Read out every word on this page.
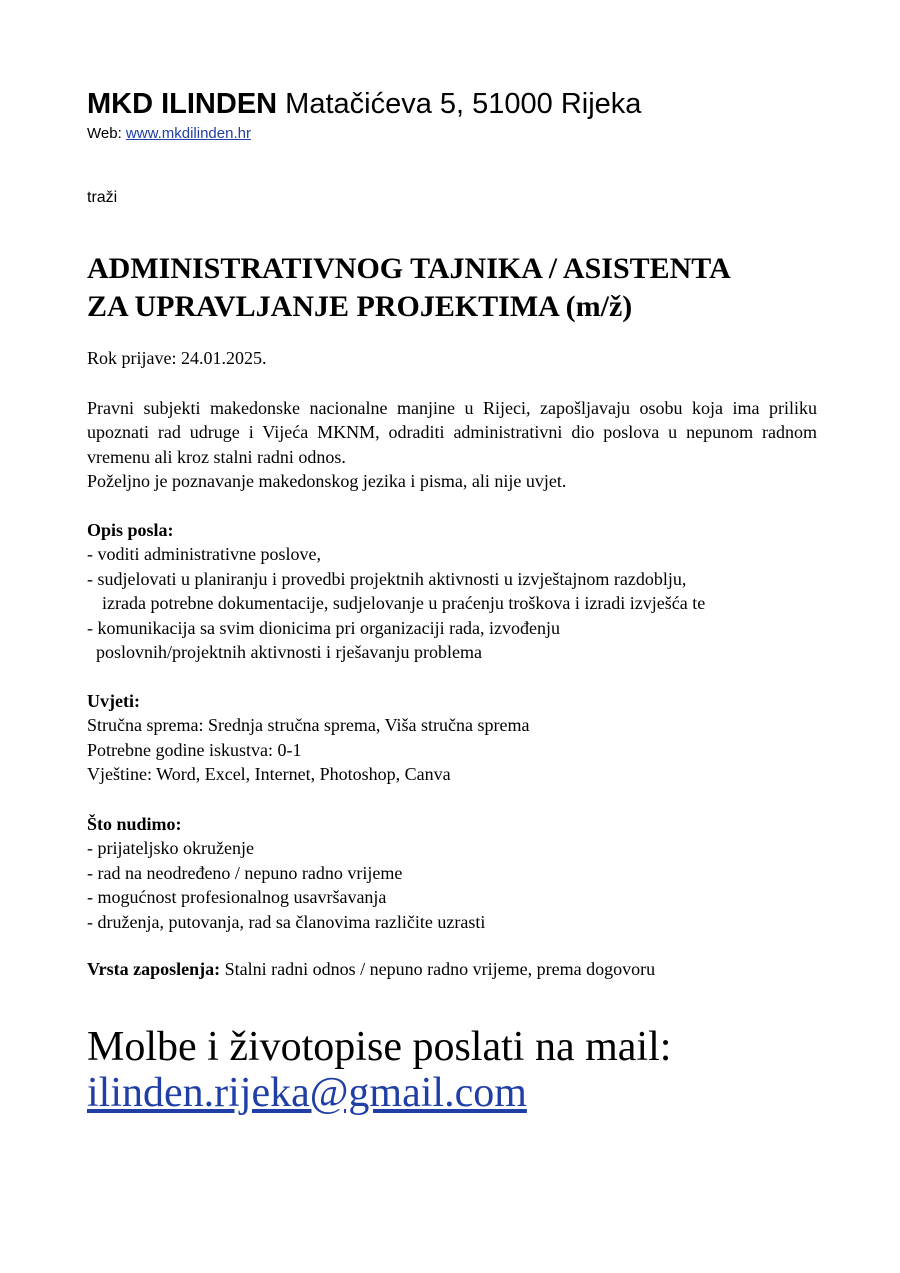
MKD ILINDEN Matačićeva 5, 51000 Rijeka
Web: www.mkdilinden.hr
traži
ADMINISTRATIVNOG TAJNIKA / ASISTENTA
ZA UPRAVLJANJE PROJEKTIMA (m/ž)
Rok prijave: 24.01.2025.

Pravni subjekti makedonske nacionalne manjine u Rijeci, zapošljavaju osobu koja ima priliku upoznati rad udruge i Vijeća MKNM, odraditi administrativni dio poslova u nepunom radnom vremenu ali kroz stalni radni odnos.

Poželjno je poznavanje makedonskog jezika i pisma, ali nije uvjet.

Opis posla:
- voditi administrativne poslove,
- sudjelovati u planiranju i provedbi projektnih aktivnosti u izvještajnom razdoblju,
izrada potrebne dokumentacije, sudjelovanje u praćenju troškova i izradi izvješća te
- komunikacija sa svim dionicima pri organizaciji rada, izvođenju
poslovnih/projektnih aktivnosti i rješavanju problema
Uvjeti:
Stručna sprema: Srednja stručna sprema, Viša stručna sprema
Potrebne godine iskustva: 0-1
Vještine: Word, Excel, Internet, Photoshop, Canva
Što nudimo:
- prijateljsko okruženje
- rad na neodređeno / nepuno radno vrijeme
- mogućnost profesionalnog usavršavanja
- druženja, putovanja, rad sa članovima različite uzrasti
Vrsta zaposlenja: Stalni radni odnos / nepuno radno vrijeme, prema dogovoru
Molbe i životopise poslati na mail:
ilinden.rijeka@gmail.com
